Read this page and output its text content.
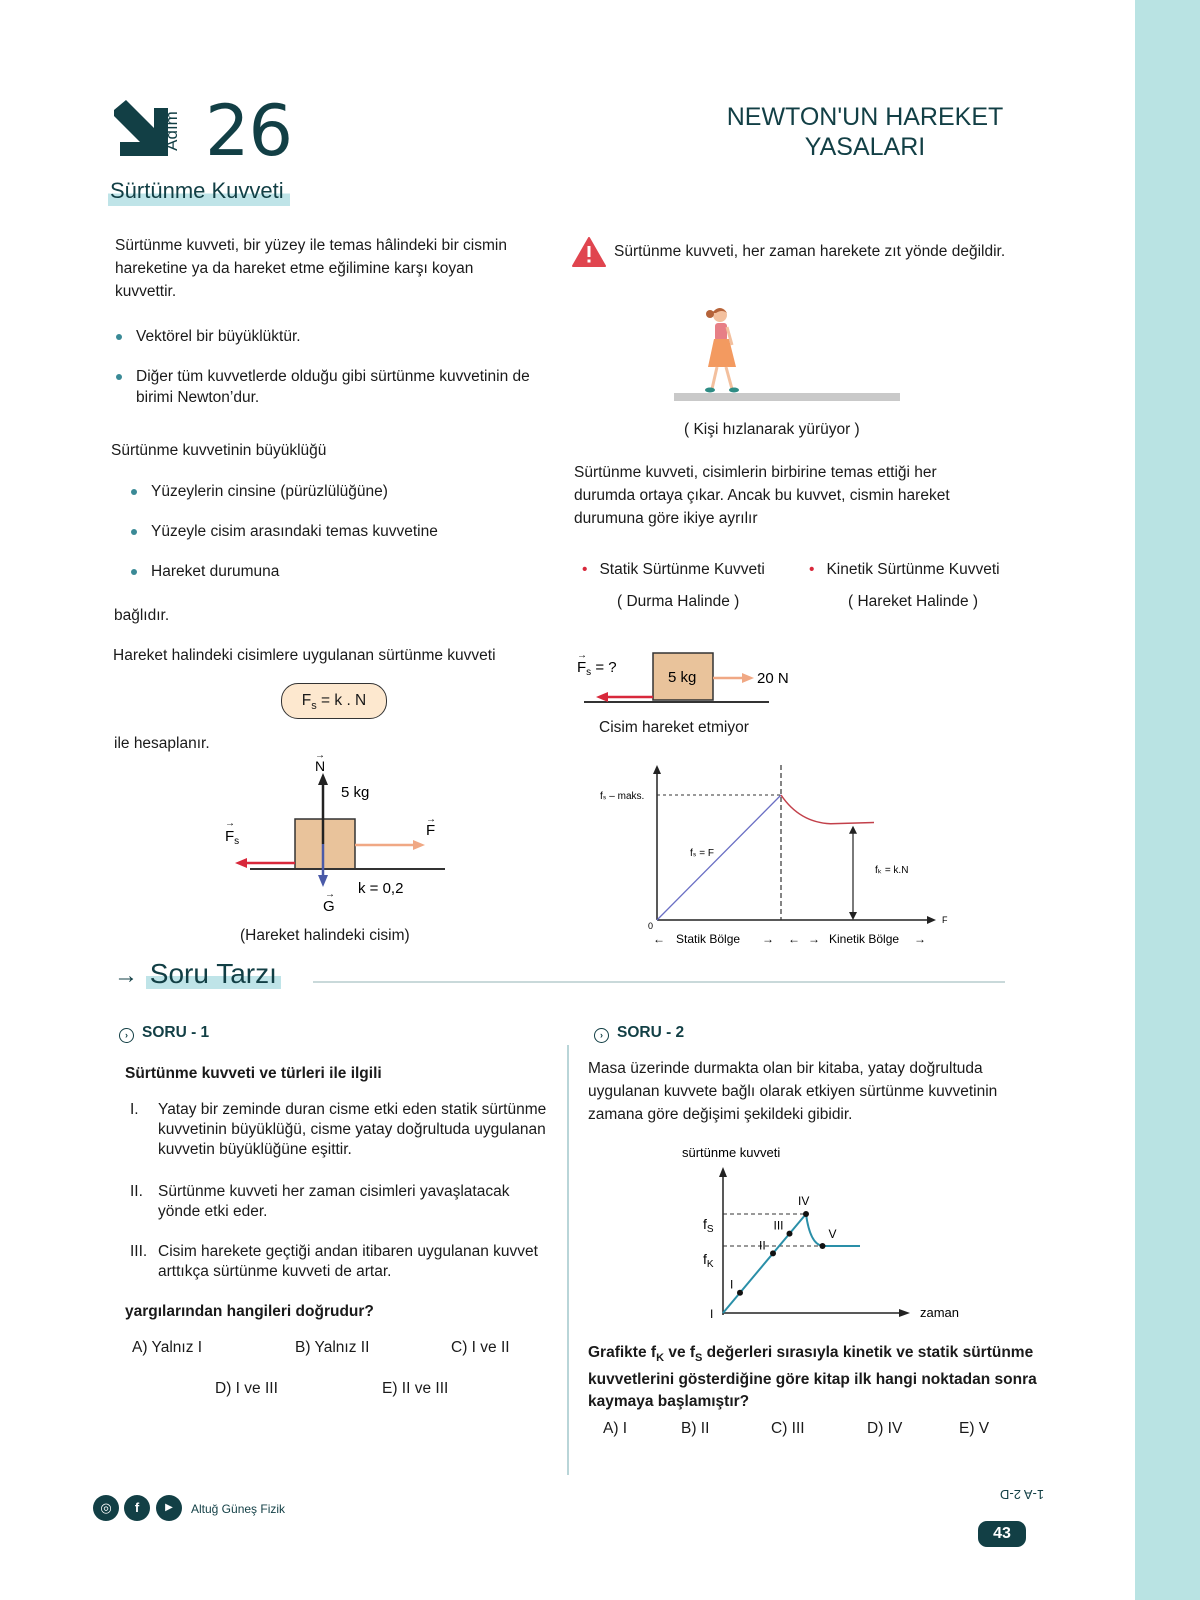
Adım 26	NEWTON'UN HAREKET YASALARI
Sürtünme Kuvveti
Sürtünme kuvveti, bir yüzey ile temas hâlindeki bir cismin hareketine ya da hareket etme eğilimine karşı koyan kuvvettir.
Vektörel bir büyüklüktür.
Diğer tüm kuvvetlerde olduğu gibi sürtünme kuvvetinin de birimi Newton’dur.
Sürtünme kuvvetinin büyüklüğü
Yüzeylerin cinsine (pürüzlülüğüne)
Yüzeyle cisim arasındaki temas kuvvetine
Hareket durumuna
bağlıdır.
Hareket halindeki cisimlere uygulanan sürtünme kuvveti
$F_s = k$ . N
ile hesaplanır.
N
→
5 kg
F
→
$F_s$
→
k = 0,2
G
→
(Hareket halindeki cisim)
Sürtünme kuvveti, her zaman harekete zıt yönde değildir.
( Kişi hızlanarak yürüyor )
Sürtünme kuvveti, cisimlerin birbirine temas ettiği her durumda ortaya çıkar. Ancak bu kuvvet, cismin hareket durumuna göre ikiye ayrılır
• Statik Sürtünme Kuvveti
( Durma Halinde )
• Kinetik Sürtünme Kuvveti
( Hareket Halinde )
5 kg	20 N
$F_s$ = ?
→
Cisim hareket etmiyor
fₛ – maks.
0
F
fₛ = F
fₖ = k.N
Statik Bölge	Kinetik Bölge
←	→ ← →	→
→ Soru Tarzı
› SORU - 1
Sürtünme kuvveti ve türleri ile ilgili
I. Yatay bir zeminde duran cisme etki eden statik sürtünme kuvvetinin büyüklüğü, cisme yatay doğrultuda uygulanan kuvvetin büyüklüğüne eşittir.
II. Sürtünme kuvveti her zaman cisimleri yavaşlatacak yönde etki eder.
III. Cisim harekete geçtiği andan itibaren uygulanan kuvvet arttıkça sürtünme kuvveti de artar.
yargılarından hangileri doğrudur?
A) Yalnız I	B) Yalnız II	C) I ve II
D) I ve III	E) II ve III
› SORU - 2
Masa üzerinde durmakta olan bir kitaba, yatay doğrultuda uygulanan kuvvete bağlı olarak etkiyen sürtünme kuvvetinin zamana göre değişimi şekildeki gibidir.
sürtünme kuvveti
zaman
I
$f_S$
$f_K$
I
II
III
IV
V
Grafikte $f_K$ ve $f_S$ değerleri sırasıyla kinetik ve statik sürtünme kuvvetlerini gösterdiğine göre kitap ilk hangi noktadan sonra kaymaya başlamıştır?
A) I	B) II	C) III	D) IV	E) V
◎	f	▶	Altuğ Güneş Fizik
1-A 2-D
43
